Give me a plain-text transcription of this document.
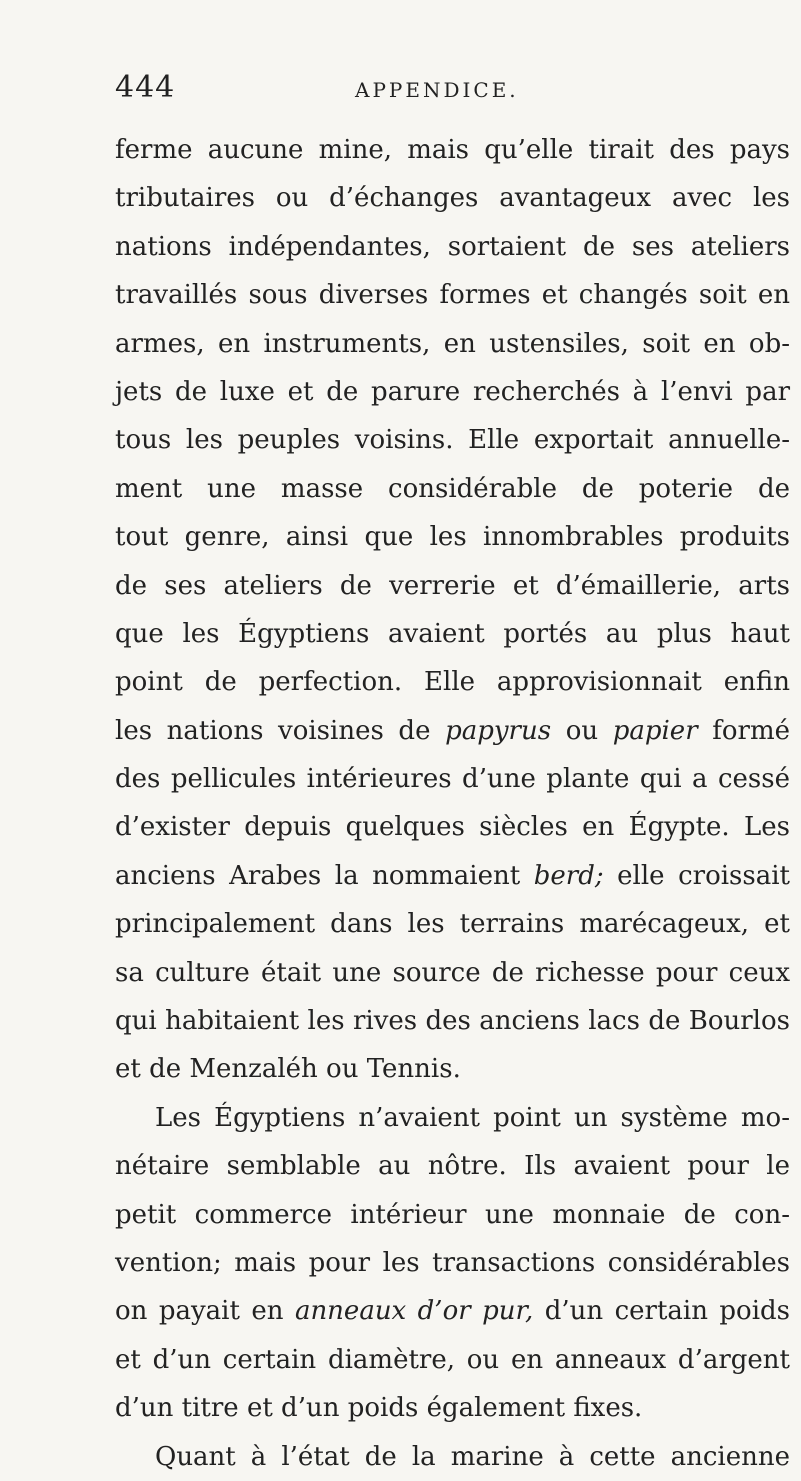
444	APPENDICE.
ferme aucune mine, mais qu’elle tirait des pays
tributaires ou d’échanges avantageux avec les
nations indépendantes, sortaient de ses ateliers
travaillés sous diverses formes et changés soit en
armes, en instruments, en ustensiles, soit en ob-
jets de luxe et de parure recherchés à l’envi par
tous les peuples voisins. Elle exportait annuelle-
ment une masse considérable de poterie de
tout genre, ainsi que les innombrables produits
de ses ateliers de verrerie et d’émaillerie, arts
que les Égyptiens avaient portés au plus haut
point de perfection. Elle approvisionnait enfin
les nations voisines de papyrus ou papier formé
des pellicules intérieures d’une plante qui a cessé
d’exister depuis quelques siècles en Égypte. Les
anciens Arabes la nommaient berd; elle croissait
principalement dans les terrains marécageux, et
sa culture était une source de richesse pour ceux
qui habitaient les rives des anciens lacs de Bourlos
et de Menzaléh ou Tennis.
Les Égyptiens n’avaient point un système mo-
nétaire semblable au nôtre. Ils avaient pour le
petit commerce intérieur une monnaie de con-
vention; mais pour les transactions considérables
on payait en anneaux d’or pur, d’un certain poids
et d’un certain diamètre, ou en anneaux d’argent
d’un titre et d’un poids également fixes.
Quant à l’état de la marine à cette ancienne
